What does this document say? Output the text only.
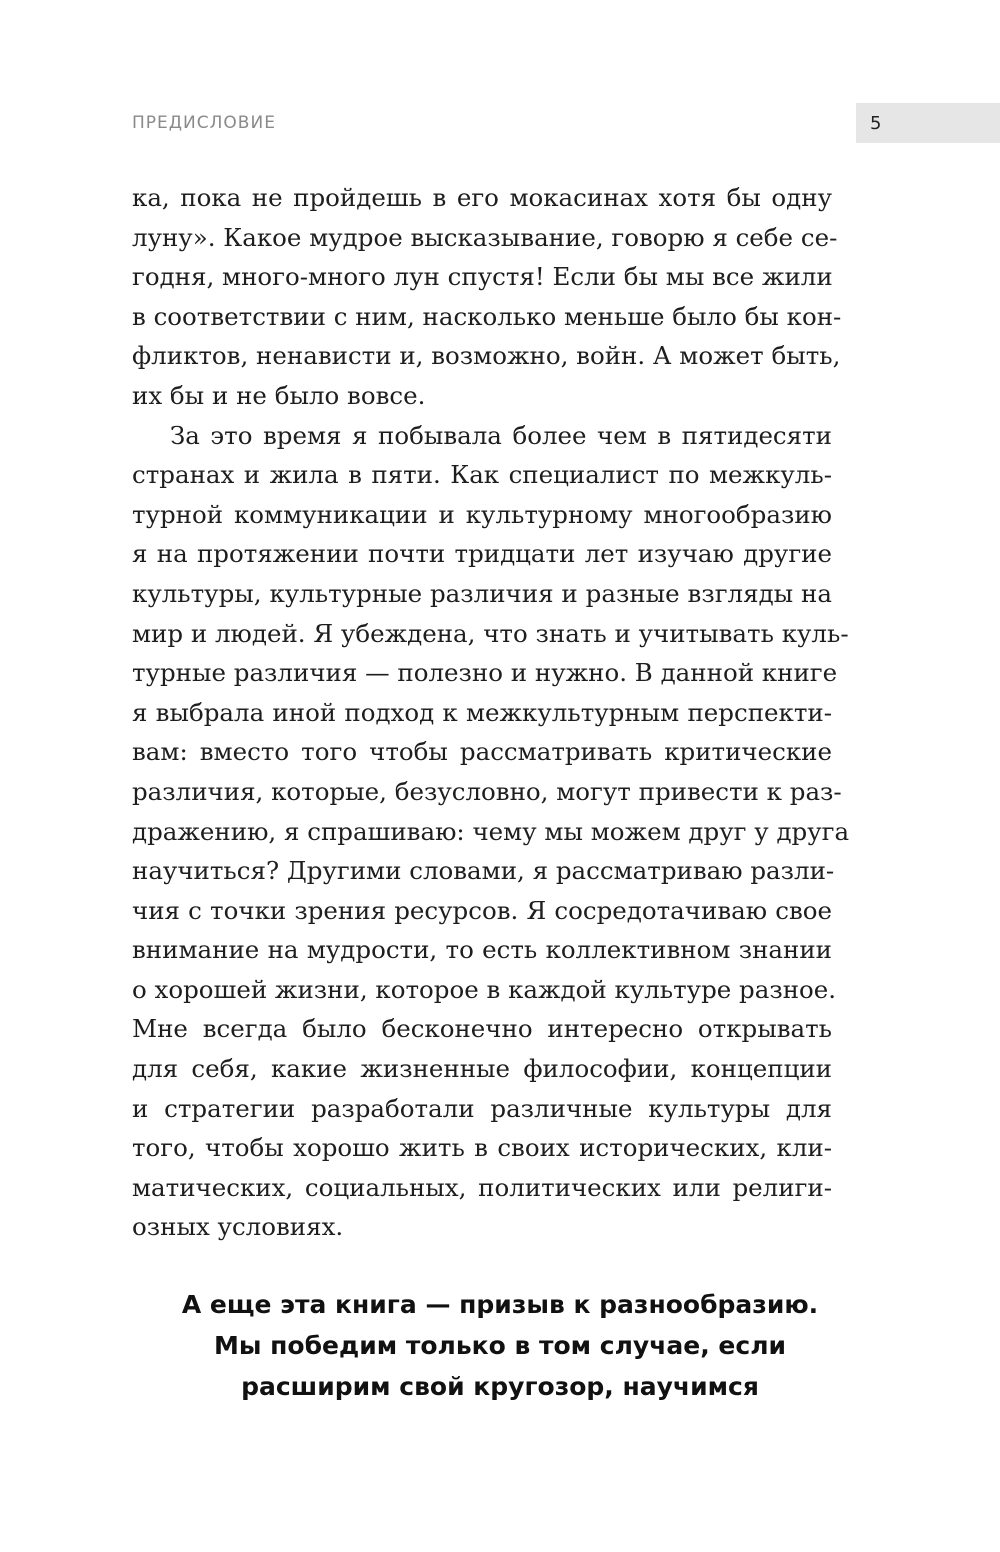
ПРЕДИСЛОВИЕ	5
ка, пока не пройдешь в его мокасинах хотя бы одну
луну». Какое мудрое высказывание, говорю я себе се-
годня, много-много лун спустя! Если бы мы все жили
в соответствии с ним, насколько меньше было бы кон-
фликтов, ненависти и, возможно, войн. А может быть,
их бы и не было вовсе.
За это время я побывала более чем в пятидесяти
странах и жила в пяти. Как специалист по межкуль-
турной коммуникации и культурному многообразию
я на протяжении почти тридцати лет изучаю другие
культуры, культурные различия и разные взгляды на
мир и людей. Я убеждена, что знать и учитывать куль-
турные различия — полезно и нужно. В данной книге
я выбрала иной подход к межкультурным перспекти-
вам: вместо того чтобы рассматривать критические
различия, которые, безусловно, могут привести к раз-
дражению, я спрашиваю: чему мы можем друг у друга
научиться? Другими словами, я рассматриваю разли-
чия с точки зрения ресурсов. Я сосредотачиваю свое
внимание на мудрости, то есть коллективном знании
о хорошей жизни, которое в каждой культуре разное.
Мне всегда было бесконечно интересно открывать
для себя, какие жизненные философии, концепции
и стратегии разработали различные культуры для
того, чтобы хорошо жить в своих исторических, кли-
матических, социальных, политических или религи-
озных условиях.
А еще эта книга — призыв к разнообразию.
Мы победим только в том случае, если
расширим свой кругозор, научимся
